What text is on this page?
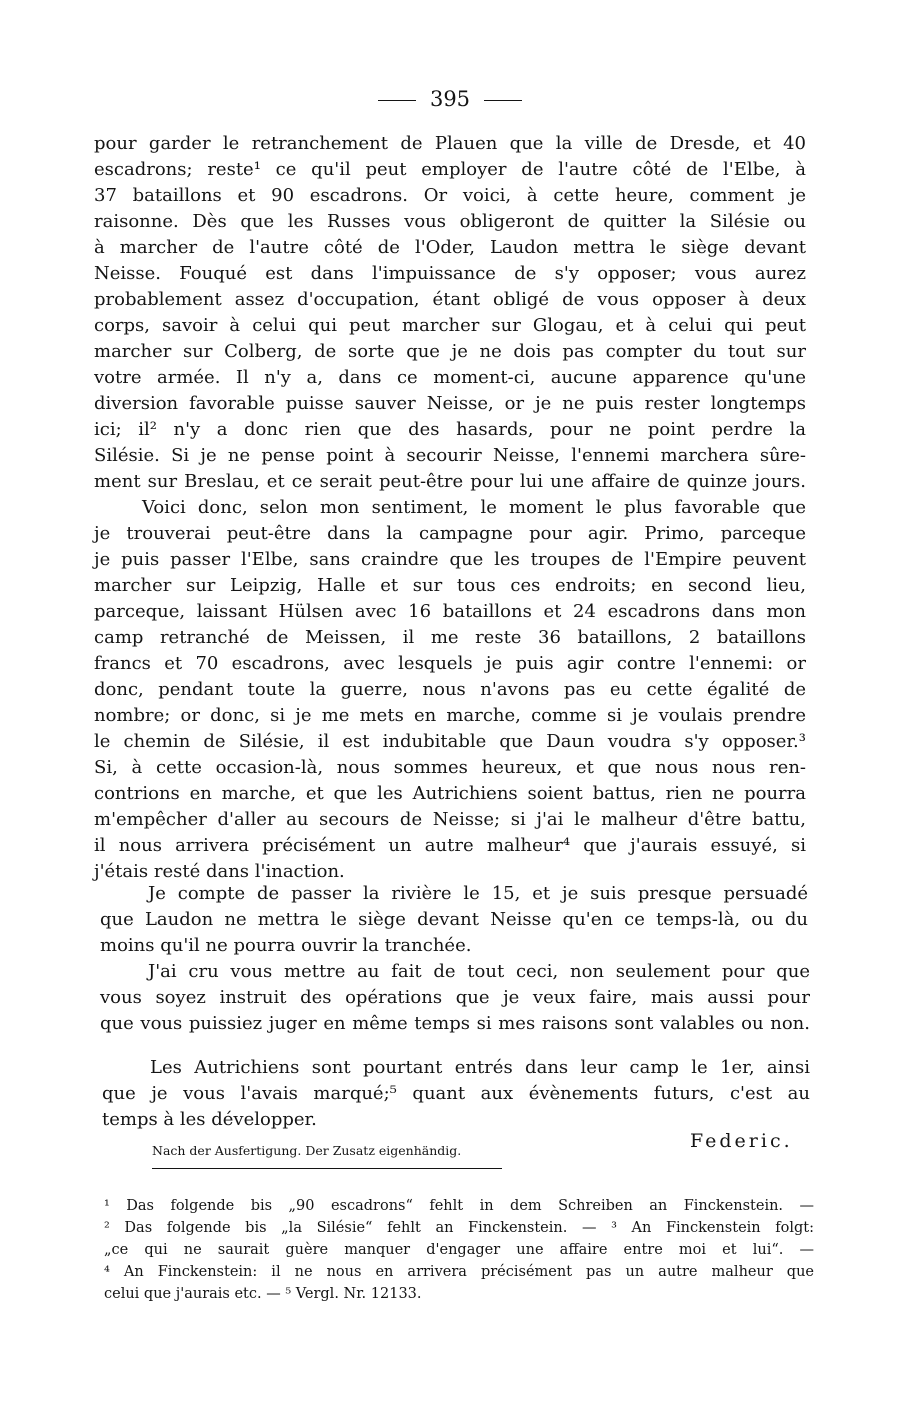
395
pour garder le retranchement de Plauen que la ville de Dresde, et 40
escadrons; reste¹ ce qu'il peut employer de l'autre côté de l'Elbe, à
37 bataillons et 90 escadrons. Or voici, à cette heure, comment je
raisonne. Dès que les Russes vous obligeront de quitter la Silésie ou
à marcher de l'autre côté de l'Oder, Laudon mettra le siège devant
Neisse. Fouqué est dans l'impuissance de s'y opposer; vous aurez
probablement assez d'occupation, étant obligé de vous opposer à deux
corps, savoir à celui qui peut marcher sur Glogau, et à celui qui peut
marcher sur Colberg, de sorte que je ne dois pas compter du tout sur
votre armée. Il n'y a, dans ce moment-ci, aucune apparence qu'une
diversion favorable puisse sauver Neisse, or je ne puis rester longtemps
ici; il² n'y a donc rien que des hasards, pour ne point perdre la
Silésie. Si je ne pense point à secourir Neisse, l'ennemi marchera sûre-
ment sur Breslau, et ce serait peut-être pour lui une affaire de quinze jours.
Voici donc, selon mon sentiment, le moment le plus favorable que
je trouverai peut-être dans la campagne pour agir. Primo, parceque
je puis passer l'Elbe, sans craindre que les troupes de l'Empire peuvent
marcher sur Leipzig, Halle et sur tous ces endroits; en second lieu,
parceque, laissant Hülsen avec 16 bataillons et 24 escadrons dans mon
camp retranché de Meissen, il me reste 36 bataillons, 2 bataillons
francs et 70 escadrons, avec lesquels je puis agir contre l'ennemi: or
donc, pendant toute la guerre, nous n'avons pas eu cette égalité de
nombre; or donc, si je me mets en marche, comme si je voulais prendre
le chemin de Silésie, il est indubitable que Daun voudra s'y opposer.³
Si, à cette occasion-là, nous sommes heureux, et que nous nous ren-
contrions en marche, et que les Autrichiens soient battus, rien ne pourra
m'empêcher d'aller au secours de Neisse; si j'ai le malheur d'être battu,
il nous arrivera précisément un autre malheur⁴ que j'aurais essuyé, si
j'étais resté dans l'inaction.
Je compte de passer la rivière le 15, et je suis presque persuadé
que Laudon ne mettra le siège devant Neisse qu'en ce temps-là, ou du
moins qu'il ne pourra ouvrir la tranchée.
J'ai cru vous mettre au fait de tout ceci, non seulement pour que
vous soyez instruit des opérations que je veux faire, mais aussi pour
que vous puissiez juger en même temps si mes raisons sont valables ou non.
Les Autrichiens sont pourtant entrés dans leur camp le 1er, ainsi
que je vous l'avais marqué;⁵ quant aux évènements futurs, c'est au
temps à les développer.
Nach der Ausfertigung. Der Zusatz eigenhändig.	Federic.
¹ Das folgende bis „90 escadrons“ fehlt in dem Schreiben an Finckenstein. —
² Das folgende bis „la Silésie“ fehlt an Finckenstein. — ³ An Finckenstein folgt:
„ce qui ne saurait guère manquer d'engager une affaire entre moi et lui“. —
⁴ An Finckenstein: il ne nous en arrivera précisément pas un autre malheur que
celui que j'aurais etc. — ⁵ Vergl. Nr. 12133.
